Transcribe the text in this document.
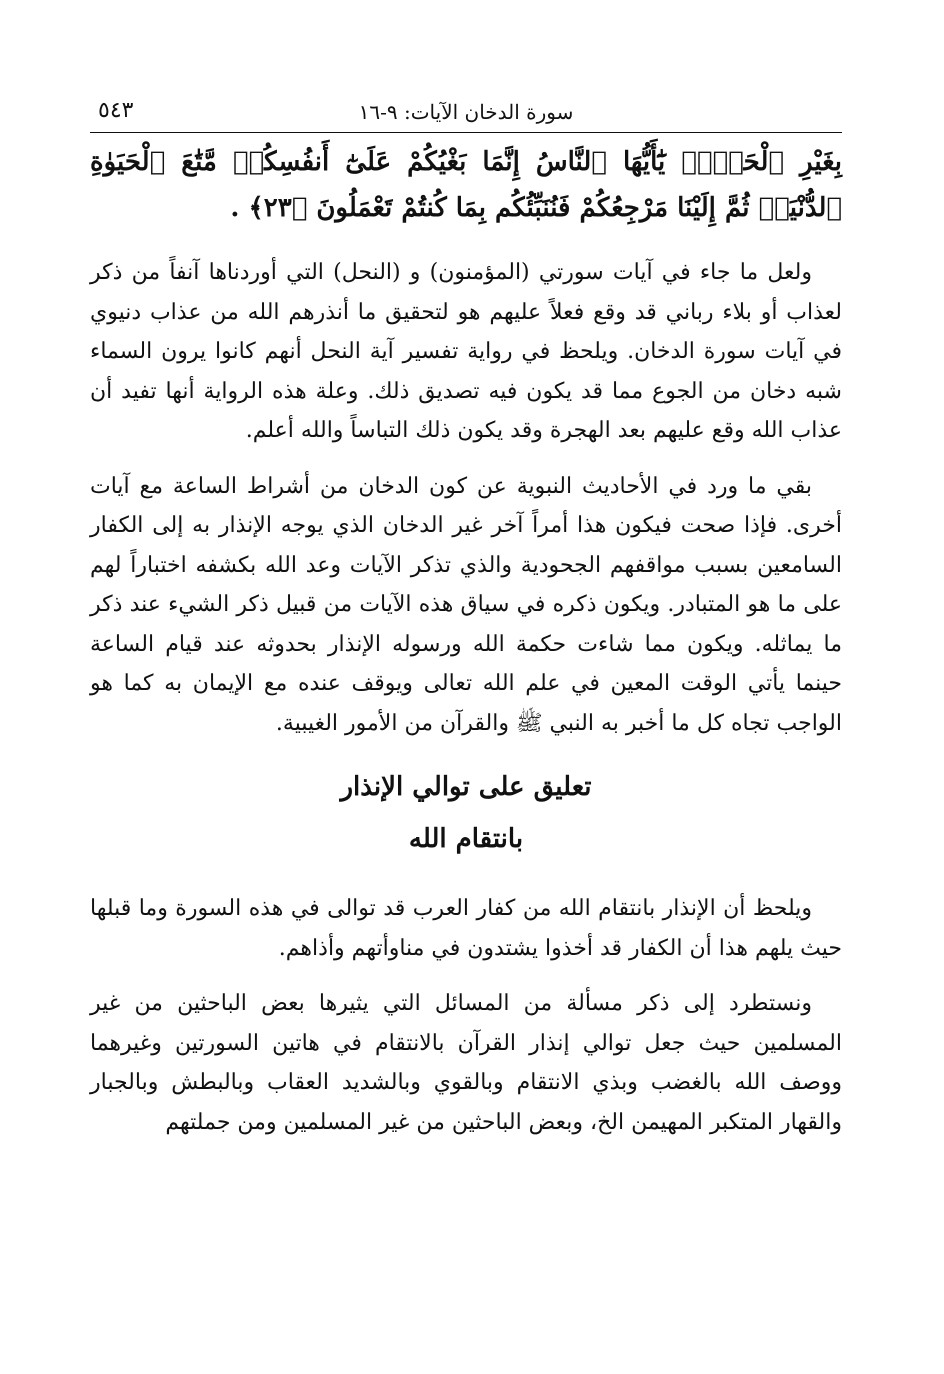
سورة الدخان الآيات: ٩-١٦
٥٤٣
بِغَيْرِ ٱلْحَقِّۗ يَٰٓأَيُّهَا ٱلنَّاسُ إِنَّمَا بَغْيُكُمْ عَلَىٰٓ أَنفُسِكُمۖ مَّتَٰعَ ٱلْحَيَوٰةِ ٱلدُّنْيَاۖ ثُمَّ إِلَيْنَا مَرْجِعُكُمْ فَنُنَبِّئُكُم بِمَا كُنتُمْ تَعْمَلُونَ ﴿٢٣﴾ .

ولعل ما جاء في آيات سورتي (المؤمنون) و (النحل) التي أوردناها آنفاً من ذكر لعذاب أو بلاء رباني قد وقع فعلاً عليهم هو لتحقيق ما أنذرهم الله من عذاب دنيوي في آيات سورة الدخان. ويلحظ في رواية تفسير آية النحل أنهم كانوا يرون السماء شبه دخان من الجوع مما قد يكون فيه تصديق ذلك. وعلة هذه الرواية أنها تفيد أن عذاب الله وقع عليهم بعد الهجرة وقد يكون ذلك التباساً والله أعلم.

بقي ما ورد في الأحاديث النبوية عن كون الدخان من أشراط الساعة مع آيات أخرى. فإذا صحت فيكون هذا أمراً آخر غير الدخان الذي يوجه الإنذار به إلى الكفار السامعين بسبب مواقفهم الجحودية والذي تذكر الآيات وعد الله بكشفه اختباراً لهم على ما هو المتبادر. ويكون ذكره في سياق هذه الآيات من قبيل ذكر الشيء عند ذكر ما يماثله. ويكون مما شاءت حكمة الله ورسوله الإنذار بحدوثه عند قيام الساعة حينما يأتي الوقت المعين في علم الله تعالى ويوقف عنده مع الإيمان به كما هو الواجب تجاه كل ما أخبر به النبي ﷺ والقرآن من الأمور الغيبية.

تعليق على توالي الإنذار
بانتقام الله

ويلحظ أن الإنذار بانتقام الله من كفار العرب قد توالى في هذه السورة وما قبلها حيث يلهم هذا أن الكفار قد أخذوا يشتدون في مناوأتهم وأذاهم.

ونستطرد إلى ذكر مسألة من المسائل التي يثيرها بعض الباحثين من غير المسلمين حيث جعل توالي إنذار القرآن بالانتقام في هاتين السورتين وغيرهما ووصف الله بالغضب وبذي الانتقام وبالقوي وبالشديد العقاب وبالبطش وبالجبار والقهار المتكبر المهيمن الخ، وبعض الباحثين من غير المسلمين ومن جملتهم
